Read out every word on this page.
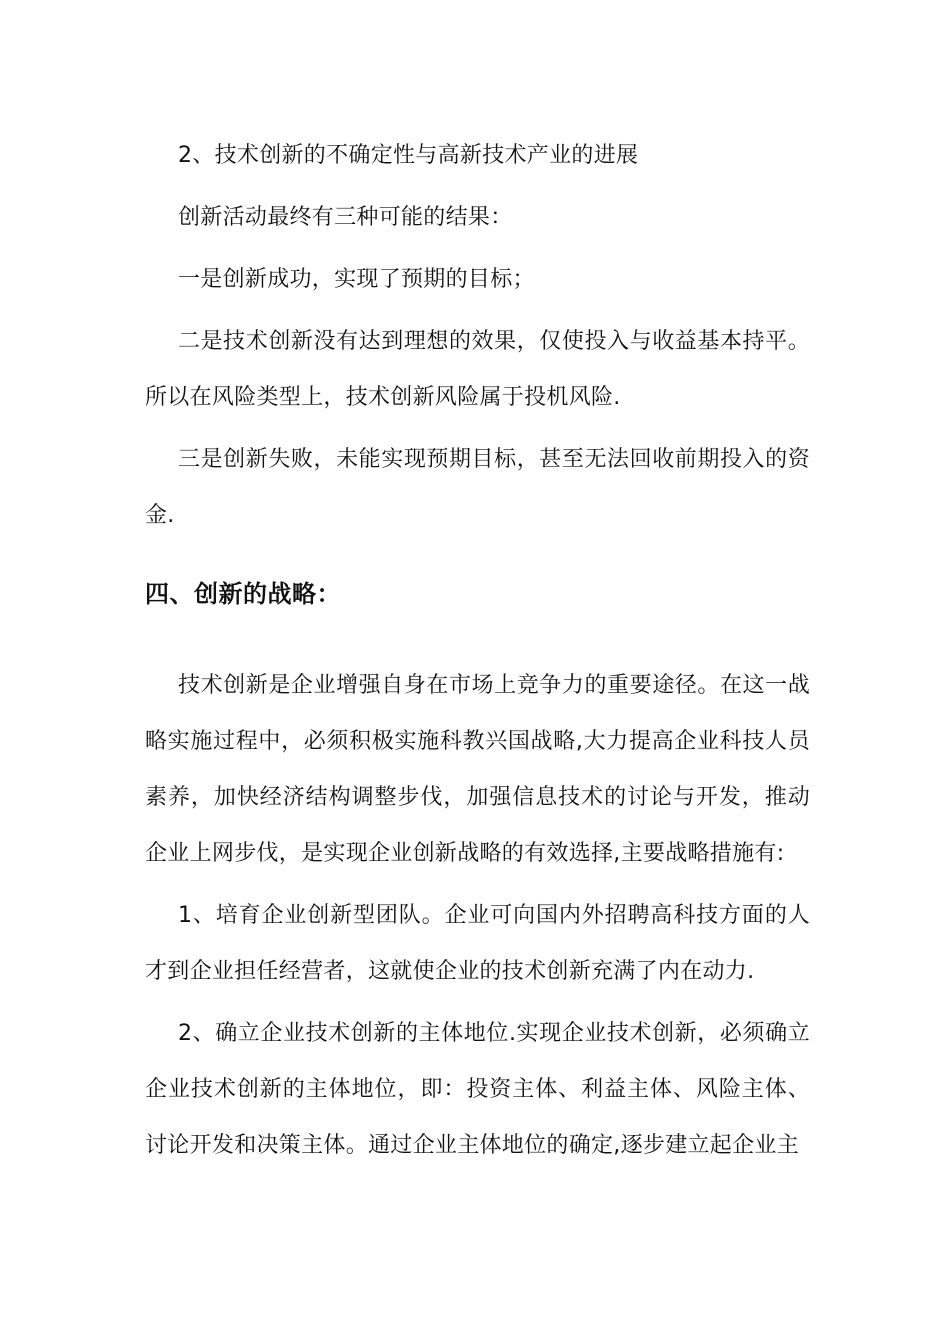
2、技术创新的不确定性与高新技术产业的进展

创新活动最终有三种可能的结果：

一是创新成功，实现了预期的目标；

二是技术创新没有达到理想的效果，仅使投入与收益基本持平。所以在风险类型上，技术创新风险属于投机风险.

三是创新失败，未能实现预期目标，甚至无法回收前期投入的资金.

四、创新的战略：

技术创新是企业增强自身在市场上竞争力的重要途径。在这一战略实施过程中，必须积极实施科教兴国战略,大力提高企业科技人员素养，加快经济结构调整步伐，加强信息技术的讨论与开发，推动企业上网步伐，是实现企业创新战略的有效选择,主要战略措施有:

1、培育企业创新型团队。企业可向国内外招聘高科技方面的人才到企业担任经营者，这就使企业的技术创新充满了内在动力.

2、确立企业技术创新的主体地位.实现企业技术创新，必须确立企业技术创新的主体地位，即：投资主体、利益主体、风险主体、讨论开发和决策主体。通过企业主体地位的确定,逐步建立起企业主
